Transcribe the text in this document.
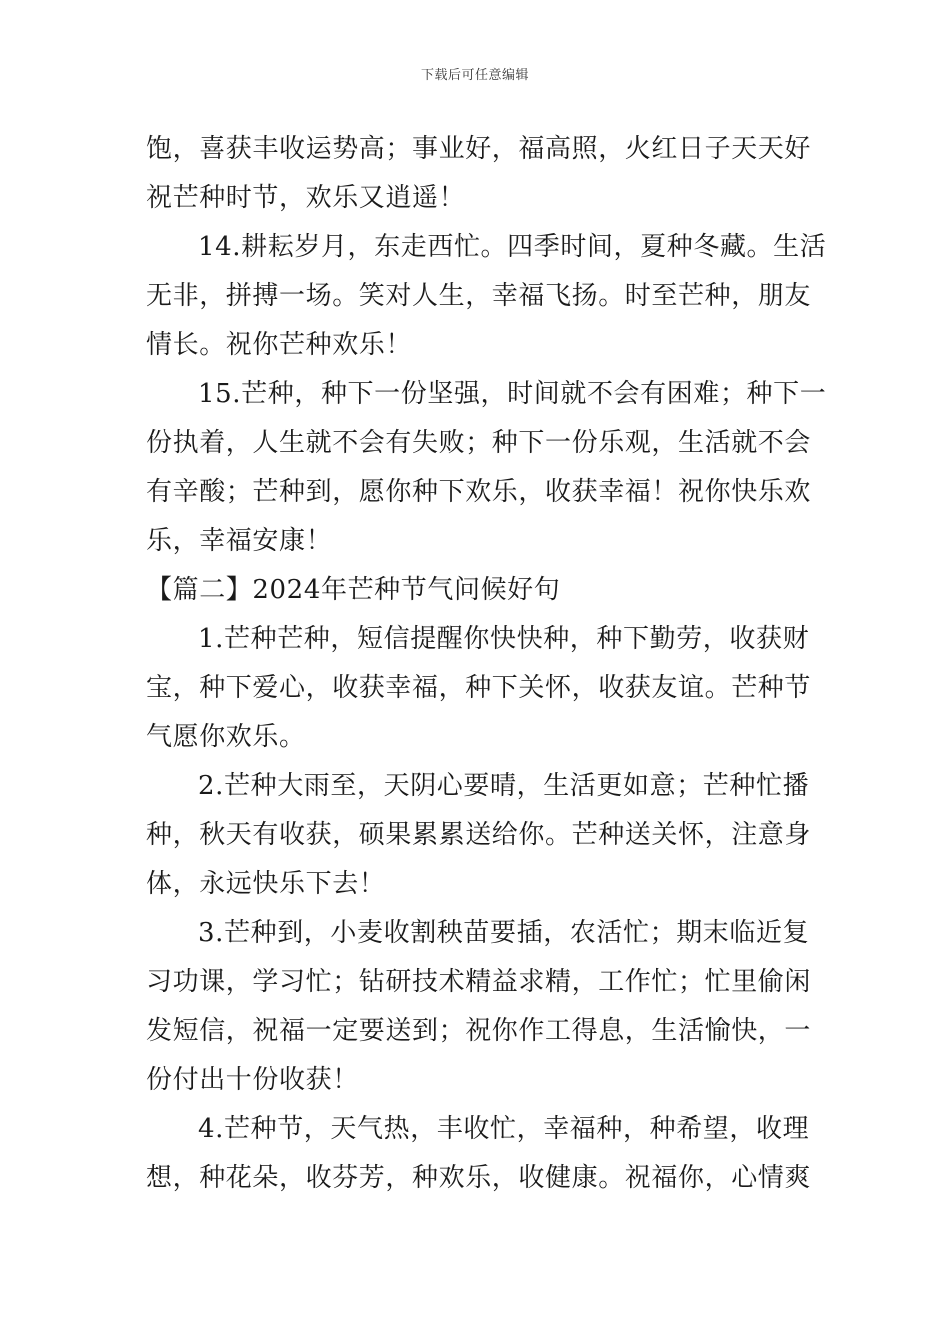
下载后可任意编辑
饱，喜获丰收运势高；事业好，福高照，火红日子天天好
祝芒种时节，欢乐又逍遥！
14.耕耘岁月，东走西忙。四季时间，夏种冬藏。生活
无非，拼搏一场。笑对人生，幸福飞扬。时至芒种，朋友
情长。祝你芒种欢乐！
15.芒种，种下一份坚强，时间就不会有困难；种下一
份执着，人生就不会有失败；种下一份乐观，生活就不会
有辛酸；芒种到，愿你种下欢乐，收获幸福！祝你快乐欢
乐，幸福安康！
【篇二】2024年芒种节气问候好句
1.芒种芒种，短信提醒你快快种，种下勤劳，收获财
宝，种下爱心，收获幸福，种下关怀，收获友谊。芒种节
气愿你欢乐。
2.芒种大雨至，天阴心要晴，生活更如意；芒种忙播
种，秋天有收获，硕果累累送给你。芒种送关怀，注意身
体，永远快乐下去！
3.芒种到，小麦收割秧苗要插，农活忙；期末临近复
习功课，学习忙；钻研技术精益求精，工作忙；忙里偷闲
发短信，祝福一定要送到；祝你作工得息，生活愉快，一
份付出十份收获！
4.芒种节，天气热，丰收忙，幸福种，种希望，收理
想，种花朵，收芬芳，种欢乐，收健康。祝福你，心情爽
